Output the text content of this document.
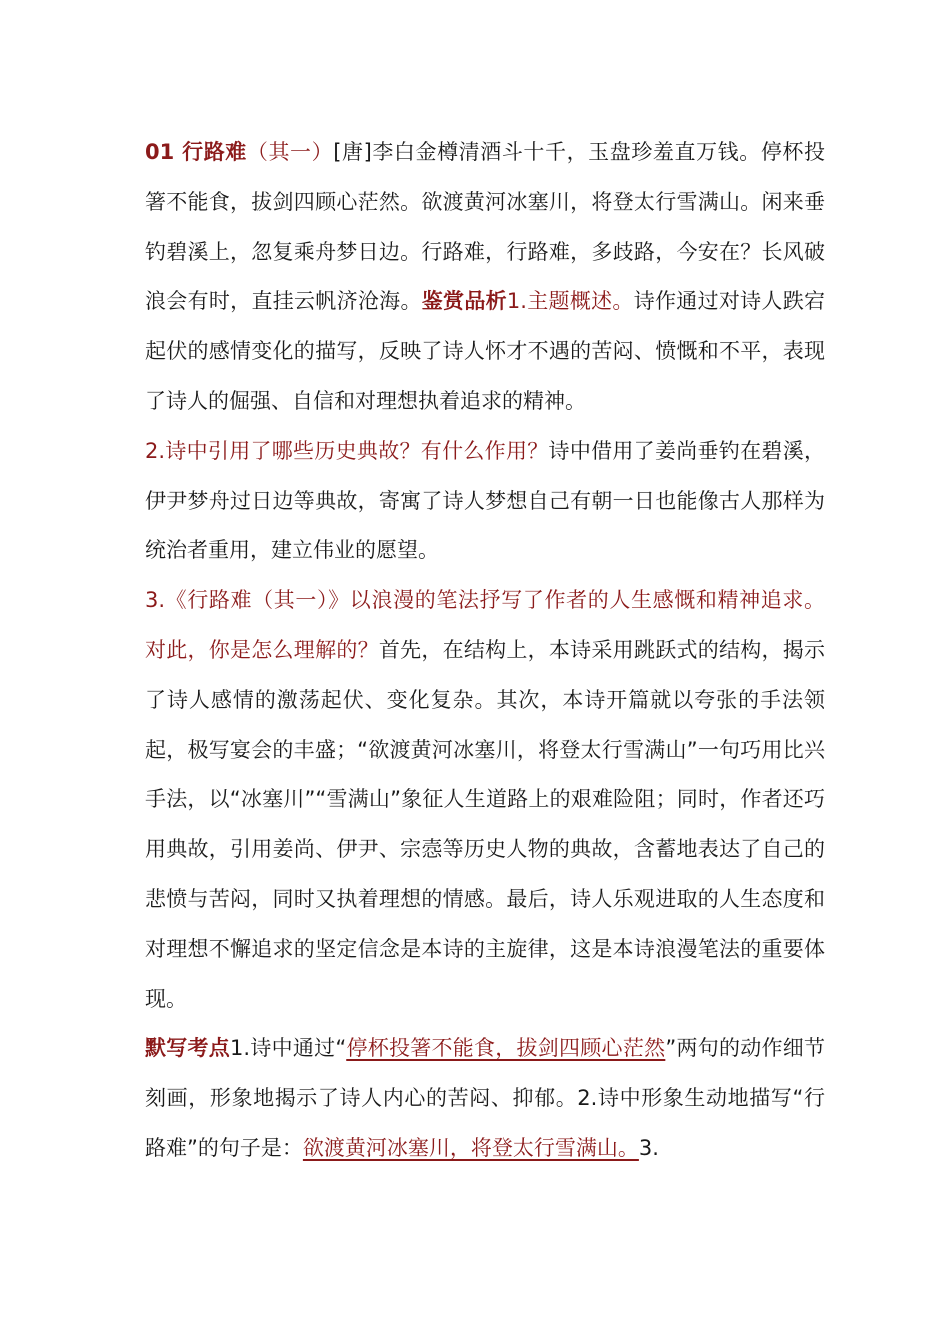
01 行路难（其一）[唐]李白金樽清酒斗十千，玉盘珍羞直万钱。停杯投箸不能食，拔剑四顾心茫然。欲渡黄河冰塞川，将登太行雪满山。闲来垂钓碧溪上，忽复乘舟梦日边。行路难，行路难，多歧路，今安在？长风破浪会有时，直挂云帆济沧海。鉴赏品析1.主题概述。诗作通过对诗人跌宕起伏的感情变化的描写，反映了诗人怀才不遇的苦闷、愤慨和不平，表现了诗人的倔强、自信和对理想执着追求的精神。

2.诗中引用了哪些历史典故？有什么作用？诗中借用了姜尚垂钓在碧溪，伊尹梦舟过日边等典故，寄寓了诗人梦想自己有朝一日也能像古人那样为统治者重用，建立伟业的愿望。

3.《行路难（其一）》以浪漫的笔法抒写了作者的人生感慨和精神追求。对此，你是怎么理解的？首先，在结构上，本诗采用跳跃式的结构，揭示了诗人感情的激荡起伏、变化复杂。其次，本诗开篇就以夸张的手法领起，极写宴会的丰盛；“欲渡黄河冰塞川，将登太行雪满山”一句巧用比兴手法，以“冰塞川”“雪满山”象征人生道路上的艰难险阻；同时，作者还巧用典故，引用姜尚、伊尹、宗悫等历史人物的典故，含蓄地表达了自己的悲愤与苦闷，同时又执着理想的情感。最后，诗人乐观进取的人生态度和对理想不懈追求的坚定信念是本诗的主旋律，这是本诗浪漫笔法的重要体现。

默写考点1.诗中通过“停杯投箸不能食，拔剑四顾心茫然”两句的动作细节刻画，形象地揭示了诗人内心的苦闷、抑郁。2.诗中形象生动地描写“行路难”的句子是：欲渡黄河冰塞川，将登太行雪满山。3.
